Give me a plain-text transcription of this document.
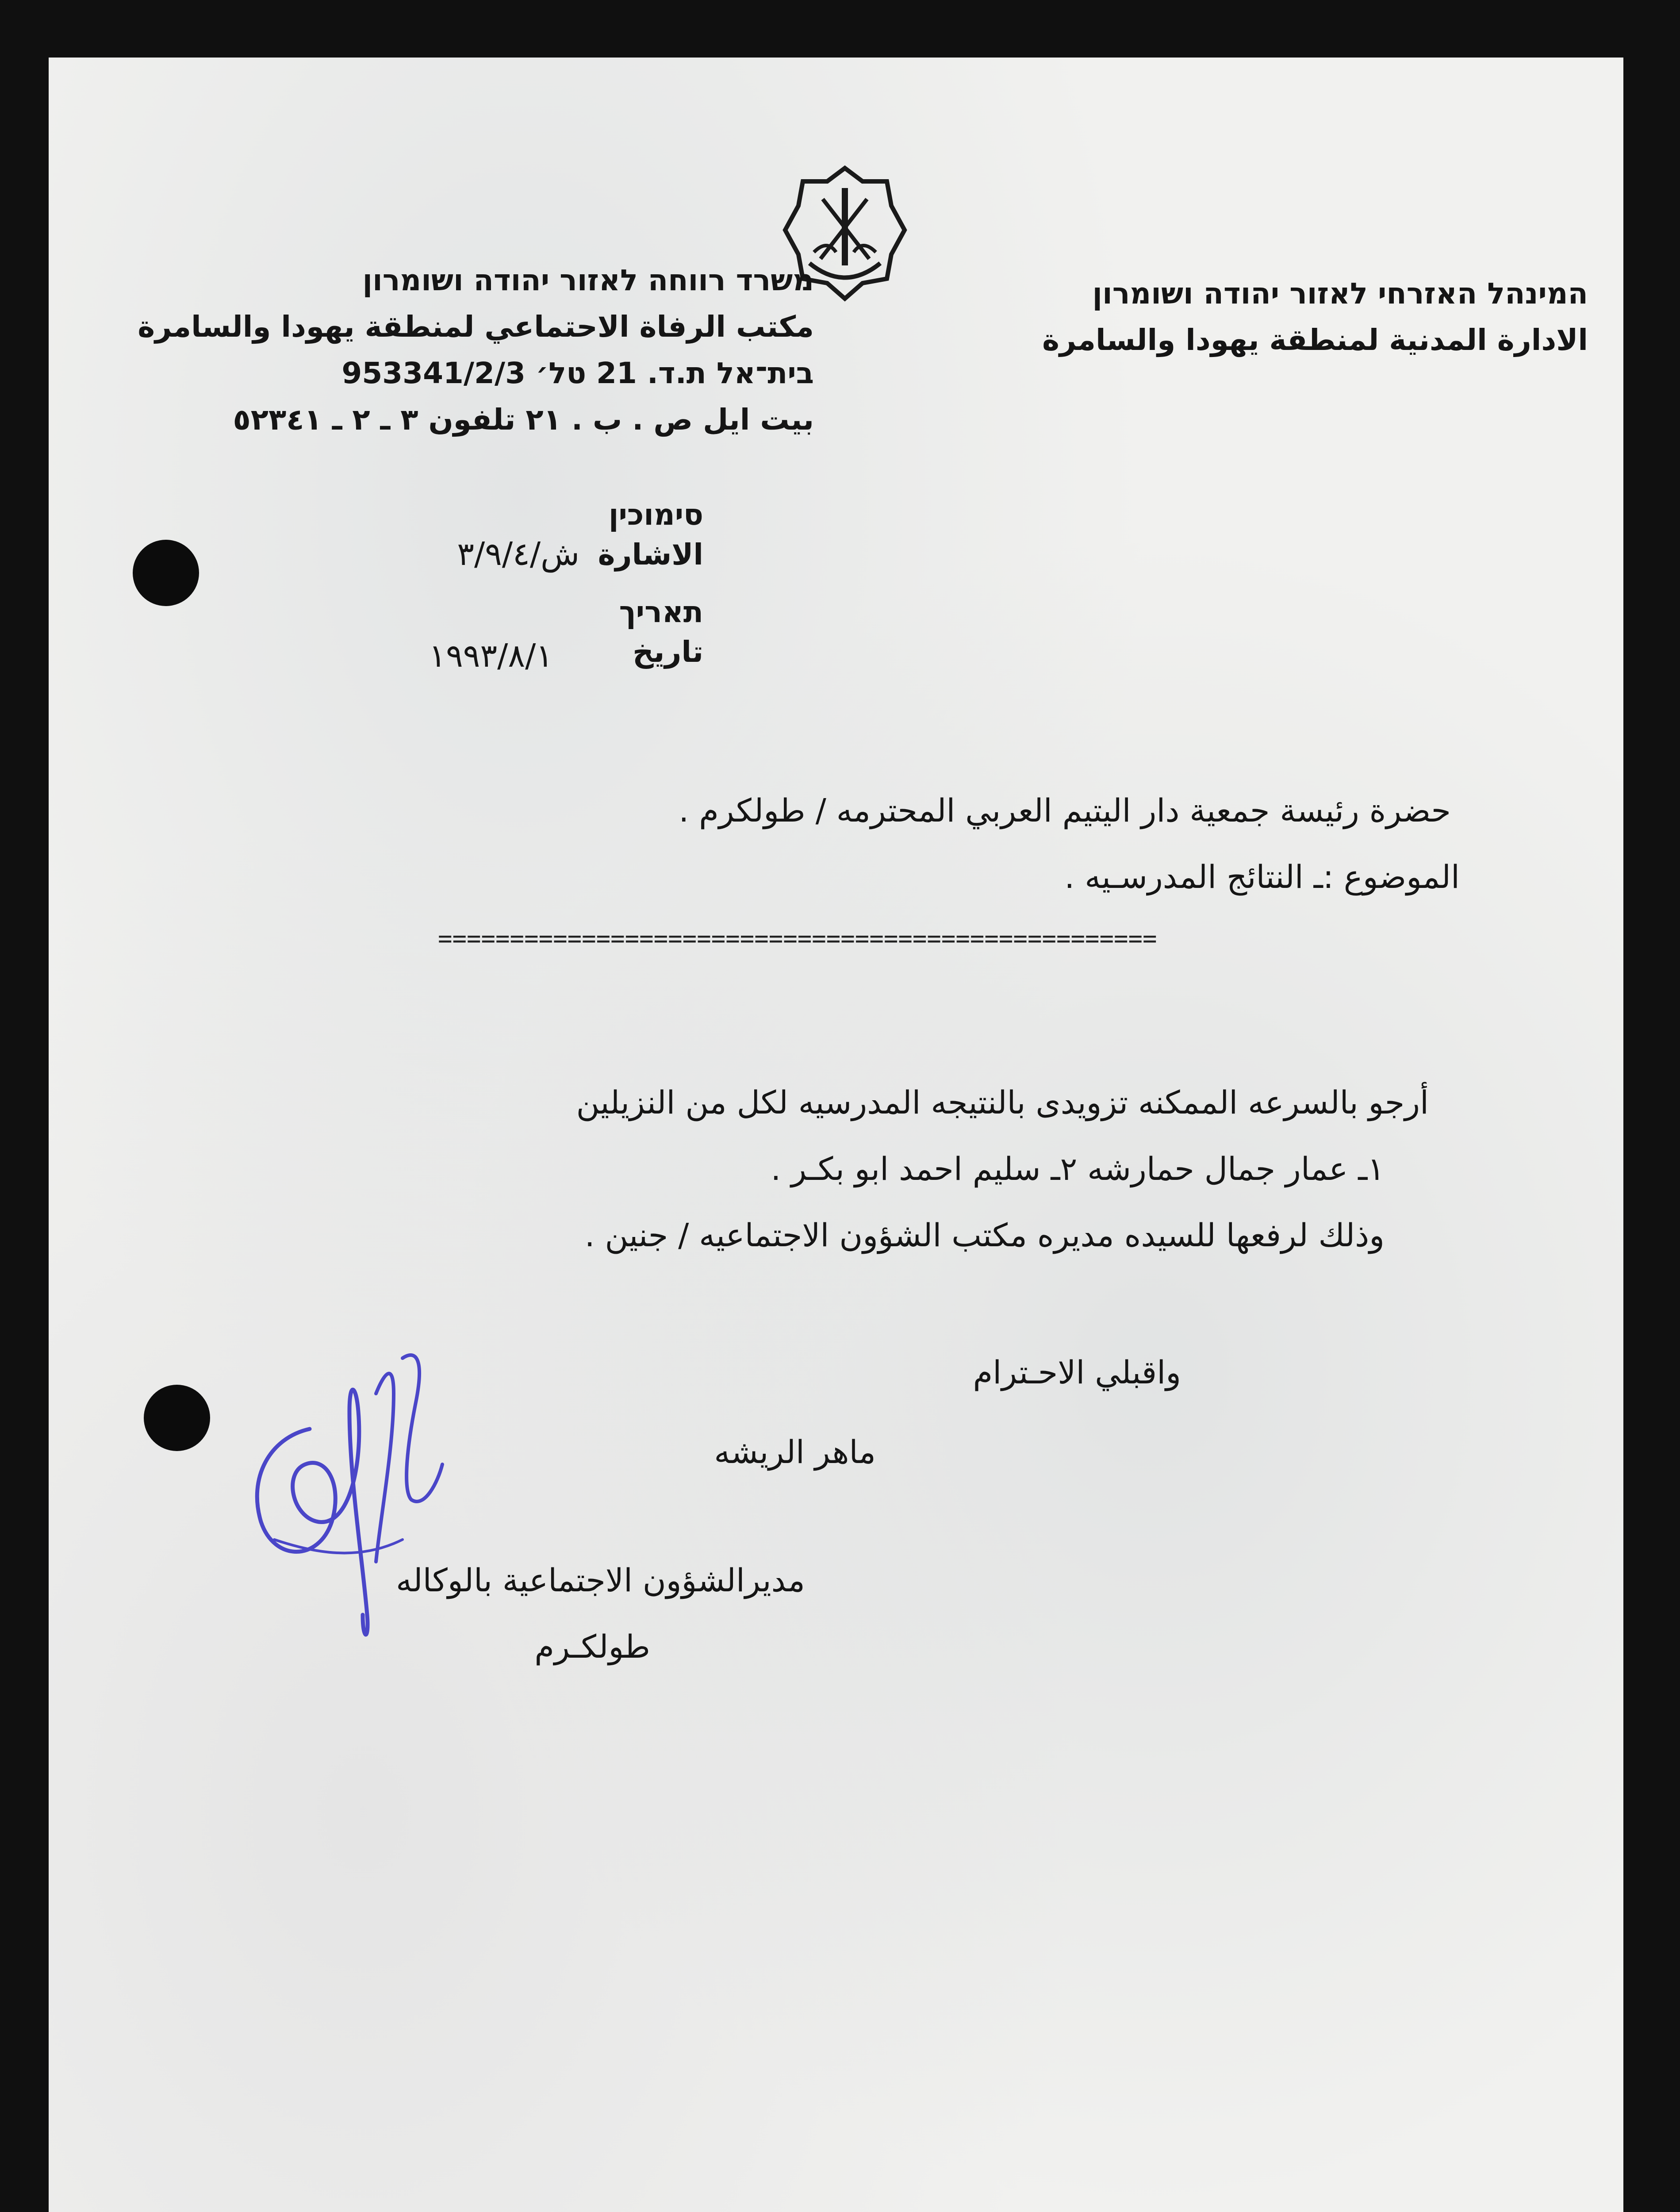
משרד רווחה לאזור יהודה ושומרון
مكتب الرفاة الاحتماعي لمنطقة يهودا والسامرة
בית־אל ת.ד. 21 טל׳ 953341/2/3
بيت ايل ص . ب . ٢١ تلفون ٣ ـ ٢ ـ ٥٢٣٤١
המינהל האזרחי לאזור יהודה ושומרון
الادارة المدنية لمنطقة يهودا والسامرة
סימוכין
الاشارة
ش/٣/٩/٤
תאריך
تاريخ
١٩٩٣/٨/١
حضرة رئيسة جمعية دار اليتيم العربي المحترمه / طولكرم .
الموضوع :ـ النتائج المدرسـيه .
==================================================
أرجو بالسرعه الممكنه تزويدى بالنتيجه المدرسيه لكل من النزيلين
١ـ عمار جمال حمارشه ٢ـ سليم احمد ابو بكـر .
وذلك لرفعها للسيده مديره مكتب الشؤون الاجتماعيه / جنين .
واقبلي الاحـترام
ماهر الريشه
مديرالشؤون الاجتماعية بالوكاله
طولكـرم
